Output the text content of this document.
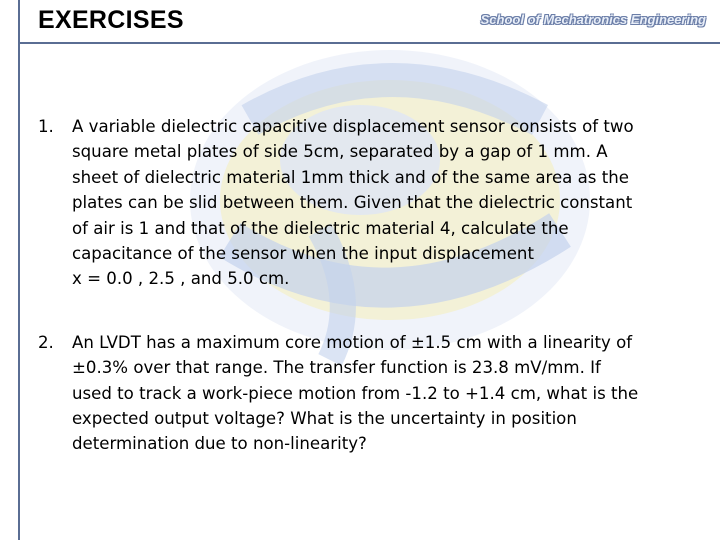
EXERCISES	School of Mechatronics Engineering
1. A variable dielectric capacitive displacement sensor consists of two
square metal plates of side 5cm, separated by a gap of 1 mm. A
sheet of dielectric material 1mm thick and of the same area as the
plates can be slid between them. Given that the dielectric constant
of air is 1 and that of the dielectric material 4, calculate the
capacitance of the sensor when the input displacement
x = 0.0 , 2.5 , and 5.0 cm.
2. An LVDT has a maximum core motion of ±1.5 cm with a linearity of
±0.3% over that range. The transfer function is 23.8 mV/mm. If
used to track a work-piece motion from -1.2 to +1.4 cm, what is the
expected output voltage? What is the uncertainty in position
determination due to non-linearity?
